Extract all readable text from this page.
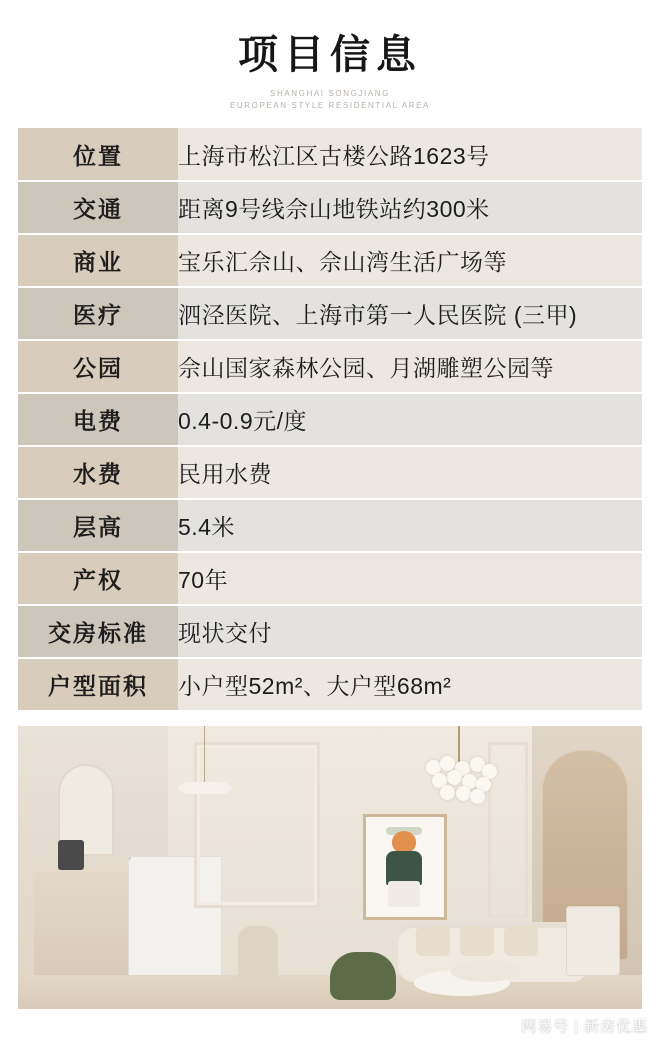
项目信息
SHANGHAI SONGJIANG
EUROPEAN STYLE RESIDENTIAL AREA
位置	上海市松江区古楼公路1623号
交通	距离9号线佘山地铁站约300米
商业	宝乐汇佘山、佘山湾生活广场等
医疗	泗泾医院、上海市第一人民医院 (三甲)
公园	佘山国家森林公园、月湖雕塑公园等
电费	0.4-0.9元/度
水费	民用水费
层高	5.4米
产权	70年
交房标准	现状交付
户型面积	小户型52m²、大户型68m²
网易号 | 新房优惠
